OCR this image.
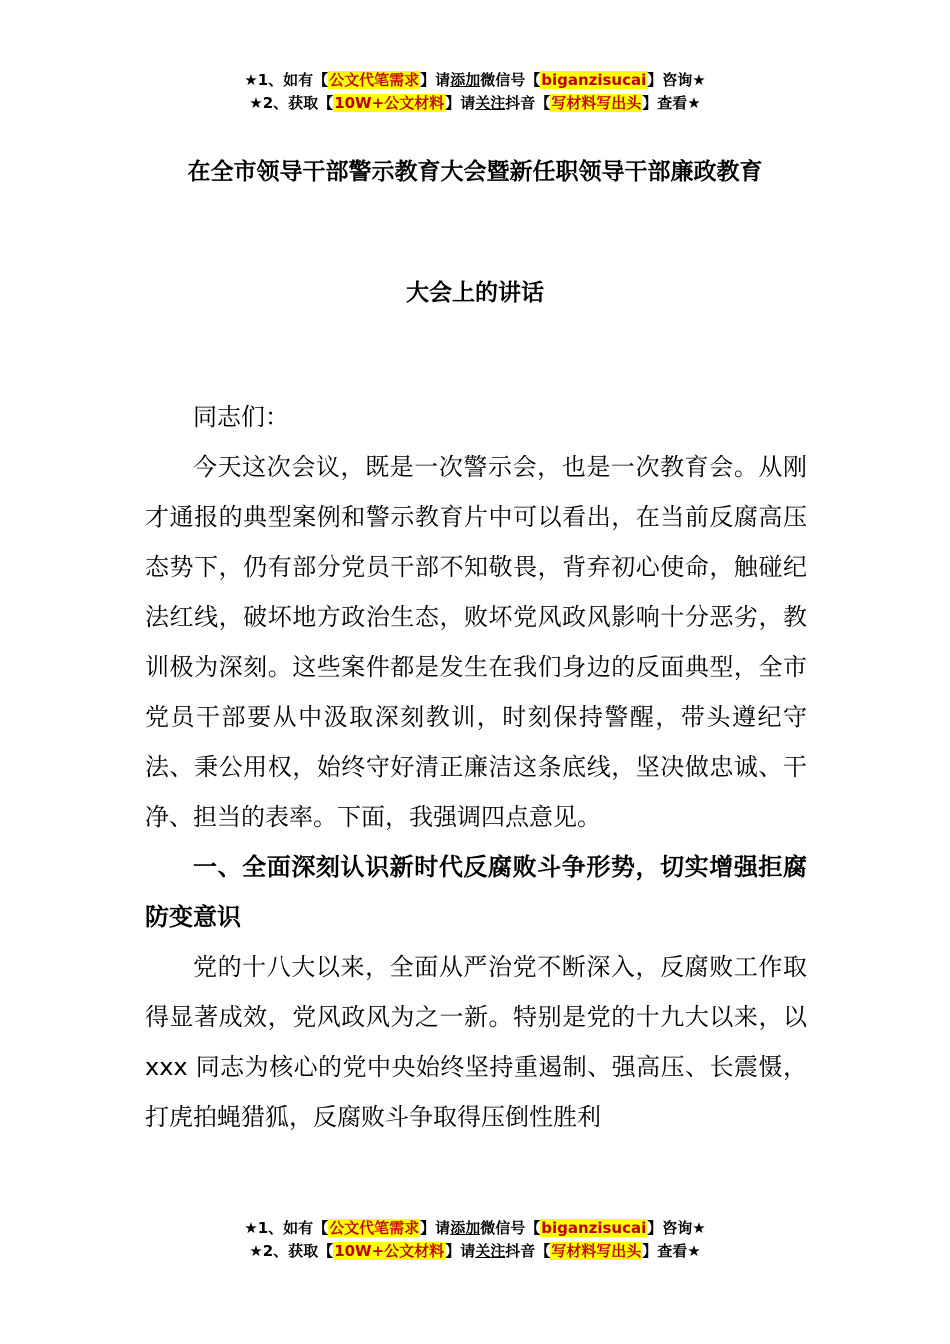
★1、如有【公文代笔需求】请添加微信号【biganzisucai】咨询★
★2、获取【10W+公文材料】请关注抖音【写材料写出头】查看★
在全市领导干部警示教育大会暨新任职领导干部廉政教育
大会上的讲话

同志们：

今天这次会议，既是一次警示会，也是一次教育会。从刚才通报的典型案例和警示教育片中可以看出，在当前反腐高压态势下，仍有部分党员干部不知敬畏，背弃初心使命，触碰纪法红线，破坏地方政治生态，败坏党风政风影响十分恶劣，教训极为深刻。这些案件都是发生在我们身边的反面典型，全市党员干部要从中汲取深刻教训，时刻保持警醒，带头遵纪守法、秉公用权，始终守好清正廉洁这条底线，坚决做忠诚、干净、担当的表率。下面，我强调四点意见。

一、全面深刻认识新时代反腐败斗争形势，切实增强拒腐防变意识

党的十八大以来，全面从严治党不断深入，反腐败工作取得显著成效，党风政风为之一新。特别是党的十九大以来，以 xxx 同志为核心的党中央始终坚持重遏制、强高压、长震慑，打虎拍蝇猎狐，反腐败斗争取得压倒性胜利

★1、如有【公文代笔需求】请添加微信号【biganzisucai】咨询★
★2、获取【10W+公文材料】请关注抖音【写材料写出头】查看★
